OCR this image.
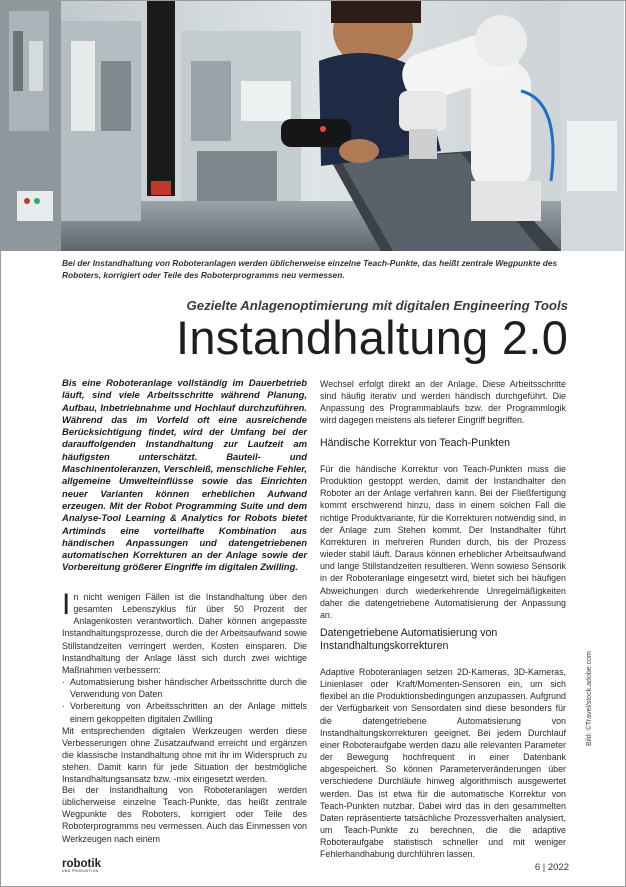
Bei der Instandhaltung von Roboteranlagen werden üblicherweise einzelne Teach-Punkte, das heißt zentrale Wegpunkte des Roboters, korrigiert oder Teile des Roboterprogramms neu vermessen.
Gezielte Anlagenoptimierung mit digitalen Engineering Tools
Instandhaltung 2.0
Bis eine Roboteranlage vollständig im Dauerbetrieb läuft, sind viele Arbeitsschritte während Planung, Aufbau, Inbetriebnahme und Hochlauf durchzuführen. Während das im Vorfeld oft eine ausreichende Berücksichtigung findet, wird der Umfang bei der darauffolgenden Instandhaltung zur Laufzeit am häufigsten unterschätzt. Bauteil- und Maschinentoleranzen, Verschleiß, menschliche Fehler, allgemeine Umwelteinflüsse sowie das Einrichten neuer Varianten können erheblichen Aufwand erzeugen. Mit der Robot Programming Suite und dem Analyse-Tool Learning & Analytics for Robots bietet Artiminds eine vorteilhafte Kombination aus händischen Anpassungen und datengetriebenen automatischen Korrekturen an der Anlage sowie der Vorbereitung größerer Eingriffe im digitalen Zwilling.
In nicht wenigen Fällen ist die Instandhaltung über den gesamten Lebenszyklus für über 50 Prozent der Anlagenkosten verantwortlich. Daher können angepasste Instandhaltungsprozesse, durch die der Arbeitsaufwand sowie Stillstandzeiten verringert werden, Kosten einsparen. Die Instandhaltung der Anlage lässt sich durch zwei wichtige Maßnahmen verbessern:
· Automatisierung bisher händischer Arbeitsschritte durch die Verwendung von Daten
· Vorbereitung von Arbeitsschritten an der Anlage mittels einem gekoppelten digitalen Zwilling
Mit entsprechenden digitalen Werkzeugen werden diese Verbesserungen ohne Zusatzaufwand erreicht und ergänzen die klassische Instandhaltung ohne mit ihr im Widerspruch zu stehen. Damit kann für jede Situation der bestmögliche Instandhaltungsansatz bzw. -mix eingesetzt werden.
Bei der Instandhaltung von Roboteranlagen werden üblicherweise einzelne Teach-Punkte, das heißt zentrale Wegpunkte des Roboters, korrigiert oder Teile des Roboterprogramms neu vermessen. Auch das Einmessen von Werkzeugen nach einem
Wechsel erfolgt direkt an der Anlage. Diese Arbeitsschritte sind häufig iterativ und werden händisch durchgeführt. Die Anpassung des Programmablaufs bzw. der Programmlogik wird dagegen meistens als tieferer Eingriff begriffen.
Händische Korrektur von Teach-Punkten
Für die händische Korrektur von Teach-Punkten muss die Produktion gestoppt werden, damit der Instandhalter den Roboter an der Anlage verfahren kann. Bei der Fließfertigung kommt erschwerend hinzu, dass in einem solchen Fall die richtige Produktvariante, für die Korrekturen notwendig sind, in der Anlage zum Stehen kommt. Der Instandhalter führt Korrekturen in mehreren Runden durch, bis der Prozess wieder stabil läuft. Daraus können erheblicher Arbeitsaufwand und lange Stillstandzeiten resultieren. Wenn sowieso Sensorik in der Roboteranlage eingesetzt wird, bietet sich bei häufigen Abweichungen durch wiederkehrende Unregelmäßigkeiten daher die datengetriebene Automatisierung der Anpassung an.
Datengetriebene Automatisierung von Instandhaltungskorrekturen
Adaptive Roboteranlagen setzen 2D-Kameras, 3D-Kameras, Linienlaser oder Kraft/Momenten-Sensoren ein, um sich flexibel an die Produktionsbedingungen anzupassen. Aufgrund der Verfügbarkeit von Sensordaten sind diese besonders für die datengetriebene Automatisierung von Instandhaltungskorrekturen geeignet. Bei jedem Durchlauf einer Roboteraufgabe werden dazu alle relevanten Parameter der Bewegung hochfrequent in einer Datenbank abgespeichert. So können Parameterveränderungen über verschiedene Durchläufe hinweg algorithmisch ausgewertet werden. Das ist etwa für die automatische Korrektur von Teach-Punkten nutzbar. Dabei wird das in den gesammelten Daten repräsentierte tatsächliche Prozessverhalten analysiert, um Teach-Punkte zu berechnen, die die adaptive Roboteraufgabe statistisch schneller und mit weniger Fehlerhandhabung durchführen lassen.
Bild: ©Travel/stock.adobe.com
robotik
UND PRODUKTION	6 | 2022
